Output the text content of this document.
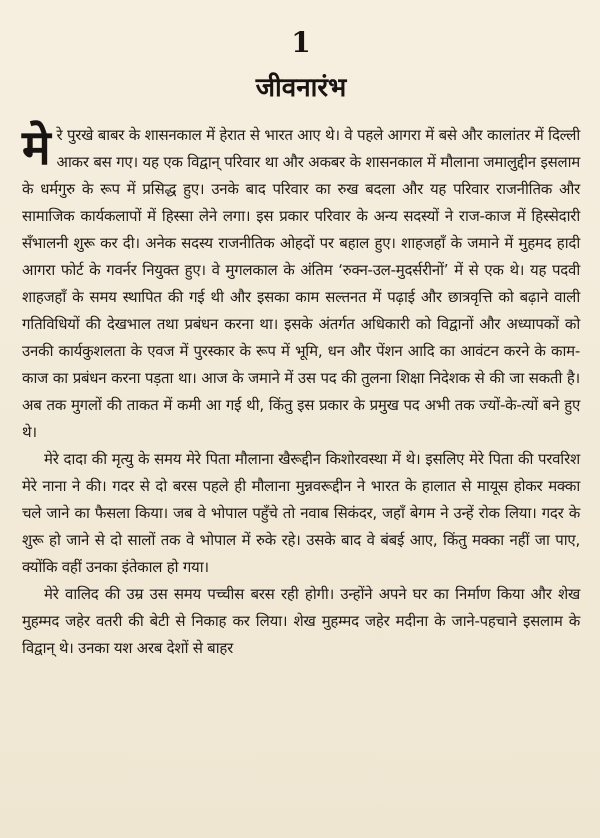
1
जीवनारंभ

मेरे पुरखे बाबर के शासनकाल में हेरात से भारत आए थे। वे पहले आगरा में बसे और कालांतर में दिल्ली आकर बस गए। यह एक विद्वान् परिवार था और अकबर के शासनकाल में मौलाना जमालुद्दीन इसलाम के धर्मगुरु के रूप में प्रसिद्ध हुए। उनके बाद परिवार का रुख बदला और यह परिवार राजनीतिक और सामाजिक कार्यकलापों में हिस्सा लेने लगा। इस प्रकार परिवार के अन्य सदस्यों ने राज-काज में हिस्सेदारी सँभालनी शुरू कर दी। अनेक सदस्य राजनीतिक ओहदों पर बहाल हुए। शाहजहाँ के जमाने में मुहमद हादी आगरा फोर्ट के गवर्नर नियुक्त हुए। वे मुगलकाल के अंतिम ‘रुक्न-उल-मुदर्सरीनों’ में से एक थे। यह पदवी शाहजहाँ के समय स्थापित की गई थी और इसका काम सल्तनत में पढ़ाई और छात्रवृत्ति को बढ़ाने वाली गतिविधियों की देखभाल तथा प्रबंधन करना था। इसके अंतर्गत अधिकारी को विद्वानों और अध्यापकों को उनकी कार्यकुशलता के एवज में पुरस्कार के रूप में भूमि, धन और पेंशन आदि का आवंटन करने के काम-काज का प्रबंधन करना पड़ता था। आज के जमाने में उस पद की तुलना शिक्षा निदेशक से की जा सकती है। अब तक मुगलों की ताकत में कमी आ गई थी, किंतु इस प्रकार के प्रमुख पद अभी तक ज्यों-के-त्यों बने हुए थे।

मेरे दादा की मृत्यु के समय मेरे पिता मौलाना खैरूद्दीन किशोरवस्था में थे। इसलिए मेरे पिता की परवरिश मेरे नाना ने की। गदर से दो बरस पहले ही मौलाना मुन्नवरूद्दीन ने भारत के हालात से मायूस होकर मक्का चले जाने का फैसला किया। जब वे भोपाल पहुँचे तो नवाब सिकंदर, जहाँ बेगम ने उन्हें रोक लिया। गदर के शुरू हो जाने से दो सालों तक वे भोपाल में रुके रहे। उसके बाद वे बंबई आए, किंतु मक्का नहीं जा पाए, क्योंकि वहीं उनका इंतेकाल हो गया।

मेरे वालिद की उम्र उस समय पच्चीस बरस रही होगी। उन्होंने अपने घर का निर्माण किया और शेख मुहम्मद जहेर वतरी की बेटी से निकाह कर लिया। शेख मुहम्मद जहेर मदीना के जाने-पहचाने इसलाम के विद्वान् थे। उनका यश अरब देशों से बाहर
